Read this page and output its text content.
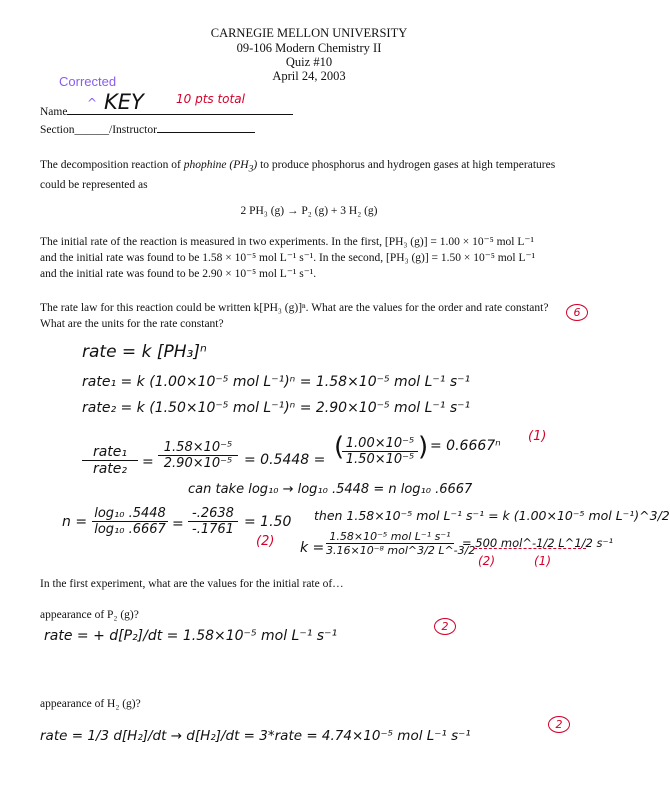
CARNEGIE MELLON UNIVERSITY
09-106 Modern Chemistry II
Quiz #10
April 24, 2003
Corrected
Name
^ KEY	10 pts total
Section______/Instructor
The decomposition reaction of phophine $(PH_3)$ to produce phosphorus and hydrogen gases at high temperatures could be represented as
2 PH₃ (g) → P₂ (g) + 3 H₂ (g)
The initial rate of the reaction is measured in two experiments. In the first, [PH₃ (g)] = 1.00 × 10⁻⁵ mol L⁻¹
and the initial rate was found to be 1.58 × 10⁻⁵ mol L⁻¹ s⁻¹. In the second, [PH₃ (g)] = 1.50 × 10⁻⁵ mol L⁻¹
and the initial rate was found to be 2.90 × 10⁻⁵ mol L⁻¹ s⁻¹.
The rate law for this reaction could be written k[PH₃ (g)]ⁿ. What are the values for the order and rate constant? What are the units for the rate constant?
6
rate = k [PH₃]ⁿ
rate₁ = k (1.00×10⁻⁵ mol L⁻¹)ⁿ = 1.58×10⁻⁵ mol L⁻¹ s⁻¹
rate₂ = k (1.50×10⁻⁵ mol L⁻¹)ⁿ = 2.90×10⁻⁵ mol L⁻¹ s⁻¹
rate₁
rate₂	= $\frac{\text{1.58×10⁻⁵}}{\text{2.90×10⁻⁵}} = 0.5448$ = (
$\frac{\text{1.00×10⁻⁵}}{\text{1.50×10⁻⁵}}$ ) = 0.6667ⁿ
(1)
can take log₁₀ → log₁₀ .5448 = n log₁₀ .6667
$n = \frac{\text{log₁₀ .5448}}{\text{log₁₀ .6667}} = \frac{-.2638}{-.1761} = 1.50$
(2)
then 1.58×10⁻⁵ mol L⁻¹ s⁻¹ = k (1.00×10⁻⁵ mol L⁻¹)^3/2
k =
1.58×10⁻⁵ mol L⁻¹ s⁻¹
3.16×10⁻⁸ mol^3/2 L^-3/2
= 500 mol^-1/2 L^1/2 s⁻¹
(2)	(1)
In the first experiment, what are the values for the initial rate of…
appearance of P₂ (g)?
rate = + d[P₂]/dt = 1.58×10⁻⁵ mol L⁻¹ s⁻¹
2
appearance of H₂ (g)?
rate = 1/3 d[H₂]/dt → d[H₂]/dt = 3*rate = 4.74×10⁻⁵ mol L⁻¹ s⁻¹
2
